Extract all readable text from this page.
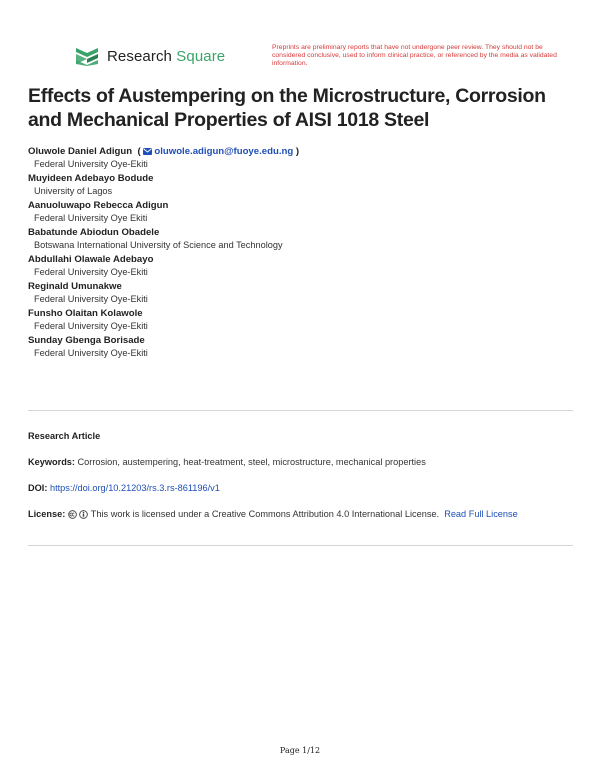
Research Square	Preprints are preliminary reports that have not undergone peer review. They should not be considered conclusive, used to inform clinical practice, or referenced by the media as validated information.
Effects of Austempering on the Microstructure, Corrosion and Mechanical Properties of AISI 1018 Steel
Oluwole Daniel Adigun ( oluwole.adigun@fuoye.edu.ng )
Federal University Oye-Ekiti
Muyideen Adebayo Bodude
University of Lagos
Aanuoluwapo Rebecca Adigun
Federal University Oye Ekiti
Babatunde Abiodun Obadele
Botswana International University of Science and Technology
Abdullahi Olawale Adebayo
Federal University Oye-Ekiti
Reginald Umunakwe
Federal University Oye-Ekiti
Funsho Olaitan Kolawole
Federal University Oye-Ekiti
Sunday Gbenga Borisade
Federal University Oye-Ekiti
Research Article
Keywords: Corrosion, austempering, heat-treatment, steel, microstructure, mechanical properties
DOI: https://doi.org/10.21203/rs.3.rs-861196/v1
License:	This work is licensed under a Creative Commons Attribution 4.0 International License. Read Full License
Page 1/12
